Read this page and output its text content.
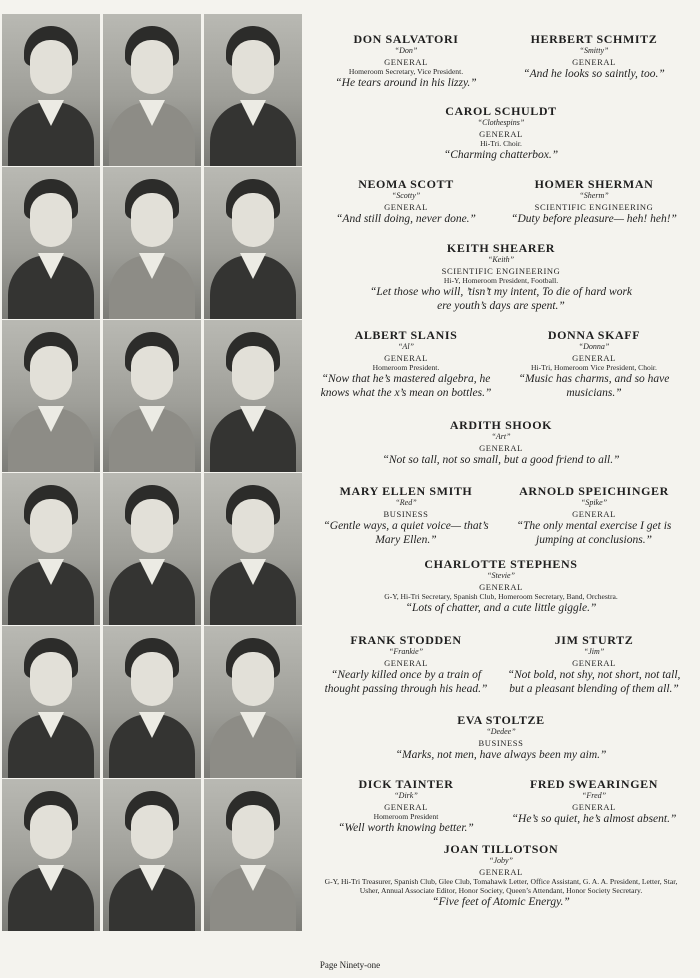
DON SALVATORI
“Don”
GENERAL
Homeroom Secretary, Vice President.
“He tears around in his lizzy.”
HERBERT SCHMITZ
“Smitty”
GENERAL
“And he looks so saintly, too.”
CAROL SCHULDT
“Clothespins”
GENERAL
Hi-Tri. Choir.
“Charming chatterbox.”
NEOMA SCOTT
“Scotty”
GENERAL
“And still doing, never done.”
HOMER SHERMAN
“Sherm”
SCIENTIFIC ENGINEERING
“Duty before pleasure— heh! heh!”
KEITH SHEARER
“Keith”
SCIENTIFIC ENGINEERING
Hi-Y, Homeroom President, Football.
“Let those who will, ’tisn’t my intent, To die of hard work ere youth’s days are spent.”
ALBERT SLANIS
“Al”
GENERAL
Homeroom President.
“Now that he’s mastered algebra, he knows what the x’s mean on bottles.”
DONNA SKAFF
“Donna”
GENERAL
Hi-Tri, Homeroom Vice President, Choir.
“Music has charms, and so have musicians.”
ARDITH SHOOK
“Art”
GENERAL
“Not so tall, not so small, but a good friend to all.”
MARY ELLEN SMITH
“Red”
BUSINESS
“Gentle ways, a quiet voice— that’s Mary Ellen.”
ARNOLD SPEICHINGER
“Spike”
GENERAL
“The only mental exercise I get is jumping at conclusions.”
CHARLOTTE STEPHENS
“Stevie”
GENERAL
G-Y, Hi-Tri Secretary, Spanish Club, Homeroom Secretary, Band, Orchestra.
“Lots of chatter, and a cute little giggle.”
FRANK STODDEN
“Frankie”
GENERAL
“Nearly killed once by a train of thought passing through his head.”
JIM STURTZ
“Jim”
GENERAL
“Not bold, not shy, not short, not tall, but a pleasant blending of them all.”
EVA STOLTZE
“Dedee”
BUSINESS
“Marks, not men, have always been my aim.”
DICK TAINTER
“Dirk”
GENERAL
Homeroom President
“Well worth knowing better.”
FRED SWEARINGEN
“Fred”
GENERAL
“He’s so quiet, he’s almost absent.”
JOAN TILLOTSON
“Joby”
GENERAL
G-Y, Hi-Tri Treasurer, Spanish Club, Glee Club, Tomahawk Letter, Office Assistant, G. A. A. President, Letter, Star, Usher, Annual Associate Editor, Honor Society, Queen’s Attendant, Honor Society Secretary.
“Five feet of Atomic Energy.”
Page Ninety-one
